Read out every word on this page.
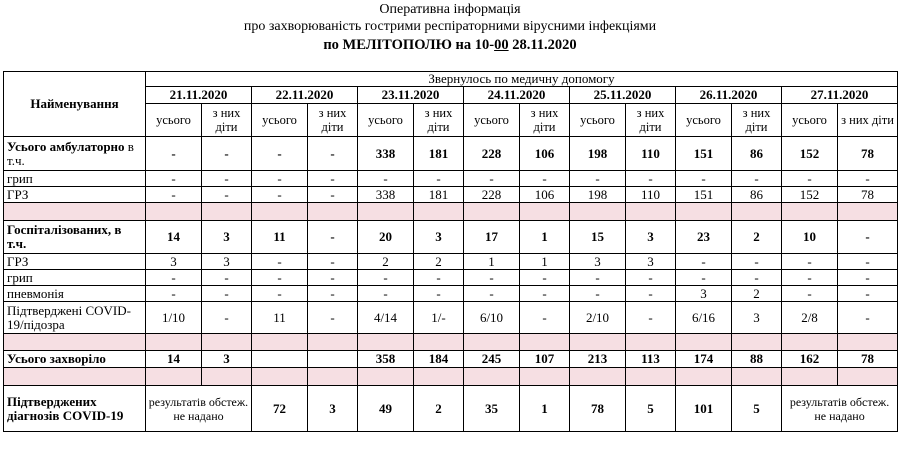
Оперативна інформація
про захворюваність гострими респіраторними вірусними інфекціями
по МЕЛІТОПОЛЮ на 10-00 28.11.2020
Найменування	Звернулось по медичну допомогу													
	21.11.2020		22.11.2020		23.11.2020		24.11.2020		25.11.2020		26.11.2020		27.11.2020	
	усього	з них діти	усього	з них діти	усього	з них діти	усього	з них діти	усього	з них діти	усього	з них діти	усього	з них діти
Усього амбулаторно в т.ч.	-	-	-	-	338	181	228	106	198	110	151	86	152	78
грип	-	-	-	-	-	-	-	-	-	-	-	-	-	-
ГРЗ	-	-	-	-	338	181	228	106	198	110	151	86	152	78

Госпіталізованих, в т.ч.	14	3	11	-	20	3	17	1	15	3	23	2	10	-
ГРЗ	3	3	-	-	2	2	1	1	3	3	-	-	-	-
грип	-	-	-	-	-	-	-	-	-	-	-	-	-	-
пневмонія	-	-	-	-	-	-	-	-	-	-	3	2	-	-
Підтверджені COVID-19/підозра	1/10	-	11	-	4/14	1/-	6/10	-	2/10	-	6/16	3	2/8	-

Усього захворіло	14	3			358	184	245	107	213	113	174	88	162	78

Підтверджених діагнозів COVID-19	результатів обстеж. не надано		72	3	49	2	35	1	78	5	101	5	результатів обстеж. не надано	
